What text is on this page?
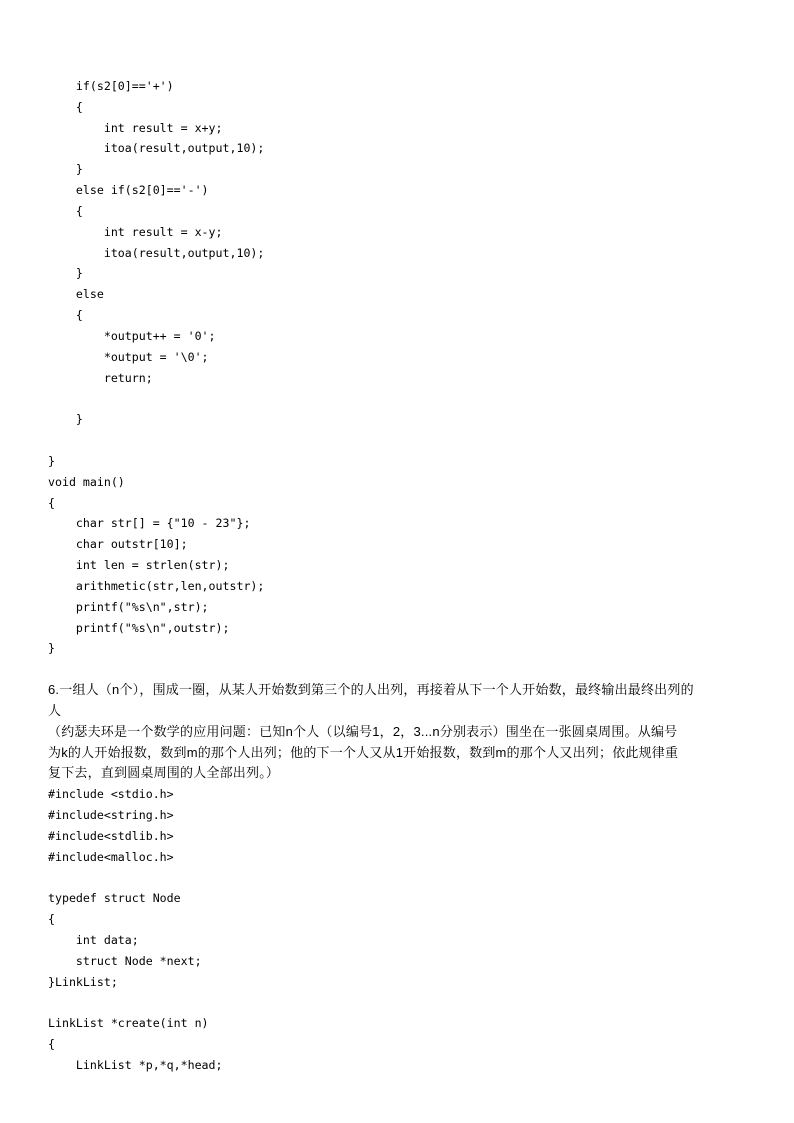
if(s2[0]=='+')
{
int result = x+y;
itoa(result,output,10);
}
else if(s2[0]=='-')
{
int result = x-y;
itoa(result,output,10);
}
else
{
*output++ = '0';
*output = '\0';
return;
}
}
void main()
{
char str[] = {"10 - 23"};
char outstr[10];
int len = strlen(str);
arithmetic(str,len,outstr);
printf("%s\n",str);
printf("%s\n",outstr);
}
6.一组人（n个），围成一圈，从某人开始数到第三个的人出列，再接着从下一个人开始数，最终输出最终出列的
人
（约瑟夫环是一个数学的应用问题：已知n个人（以编号1，2，3...n分别表示）围坐在一张圆桌周围。从编号
为k的人开始报数，数到m的那个人出列；他的下一个人又从1开始报数，数到m的那个人又出列；依此规律重
复下去，直到圆桌周围的人全部出列。）
#include <stdio.h>
#include<string.h>
#include<stdlib.h>
#include<malloc.h>
typedef struct Node
{
int data;
struct Node *next;
}LinkList;
LinkList *create(int n)
{
LinkList *p,*q,*head;
